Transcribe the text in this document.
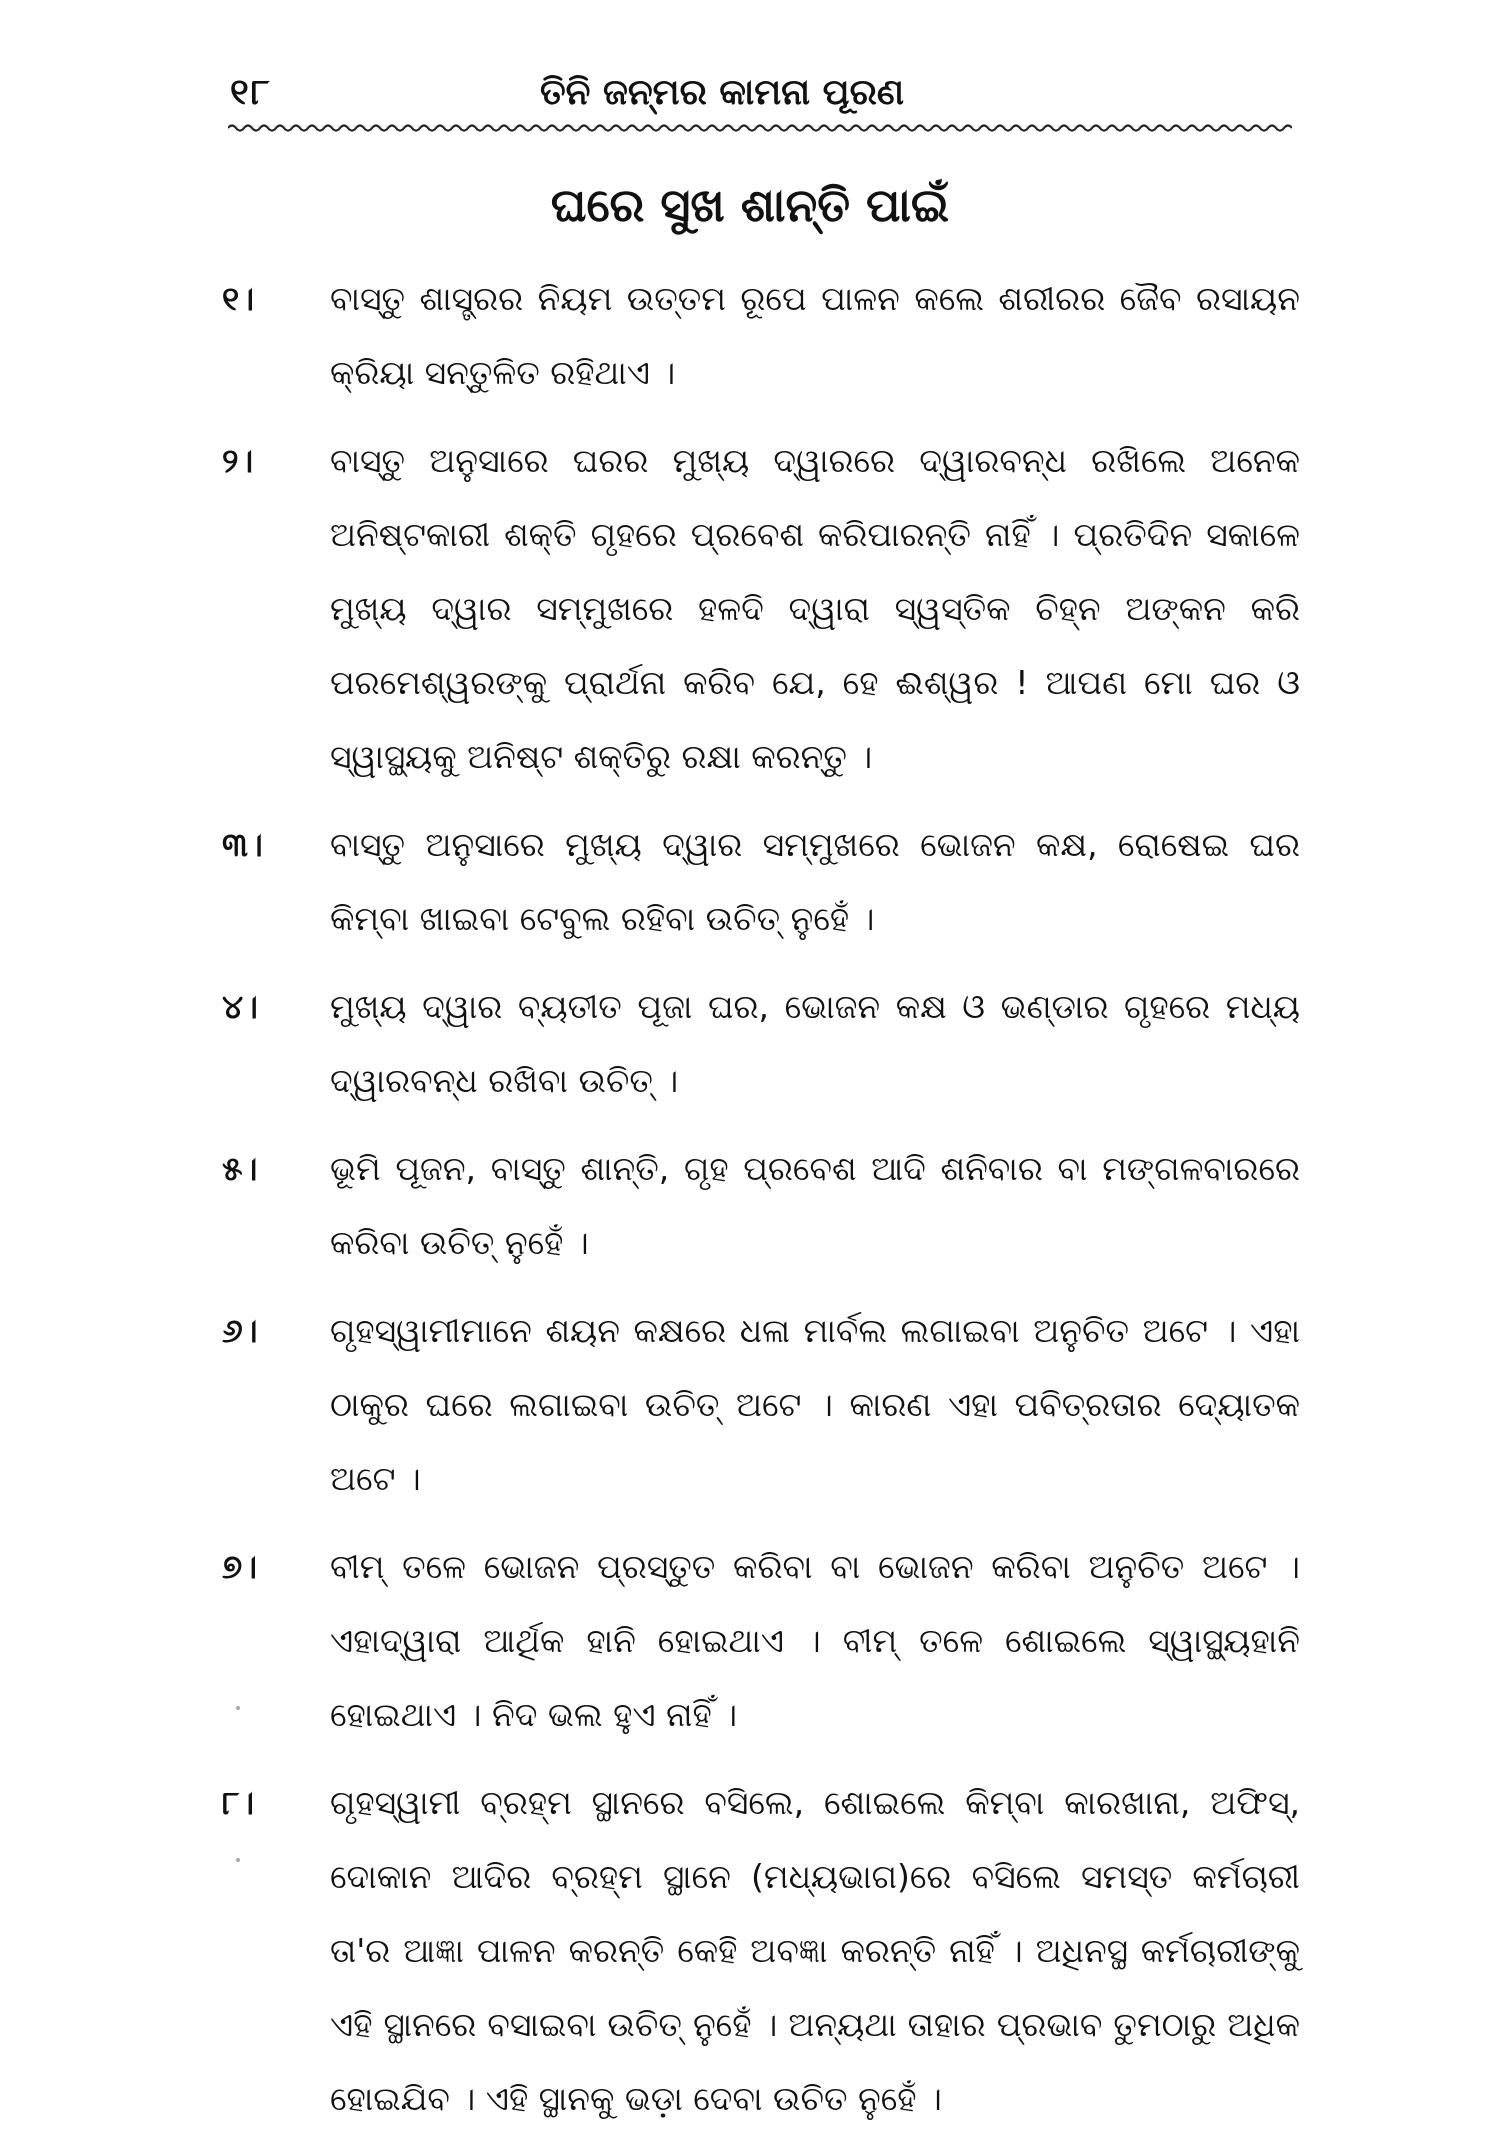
୧୮	ତିନି ଜନ୍ମର କାମନା ପୂରଣ
ଘରେ ସୁଖ ଶାନ୍ତି ପାଇଁ
୧।	ବାସ୍ତୁ ଶାସ୍ତ୍ରର ନିୟମ ଉତ୍ତମ ରୂପେ ପାଳନ କଲେ ଶରୀରର ଜୈବ ରସାୟନ କ୍ରିୟା ସନ୍ତୁଳିତ ରହିଥାଏ ।
୨।	ବାସ୍ତୁ ଅନୁସାରେ ଘରର ମୁଖ୍ୟ ଦ୍ୱାରରେ ଦ୍ୱାରବନ୍ଧ ରଖିଲେ ଅନେକ ଅନିଷ୍ଟକାରୀ ଶକ୍ତି ଗୃହରେ ପ୍ରବେଶ କରିପାରନ୍ତି ନାହିଁ । ପ୍ରତିଦିନ ସକାଳେ ମୁଖ୍ୟ ଦ୍ୱାର ସମ୍ମୁଖରେ ହଳଦି ଦ୍ୱାରା ସ୍ୱସ୍ତିକ ଚିହ୍ନ ଅଙ୍କନ କରି ପରମେଶ୍ୱରଙ୍କୁ ପ୍ରାର୍ଥନା କରିବ ଯେ, ହେ ଈଶ୍ୱର ! ଆପଣ ମୋ ଘର ଓ ସ୍ୱାସ୍ଥ୍ୟକୁ ଅନିଷ୍ଟ ଶକ୍ତିରୁ ରକ୍ଷା କରନ୍ତୁ ।
୩।	ବାସ୍ତୁ ଅନୁସାରେ ମୁଖ୍ୟ ଦ୍ୱାର ସମ୍ମୁଖରେ ଭୋଜନ କକ୍ଷ, ରୋଷେଇ ଘର କିମ୍ବା ଖାଇବା ଟେବୁଲ ରହିବା ଉଚିତ୍ ନୁହେଁ ।
୪।	ମୁଖ୍ୟ ଦ୍ୱାର ବ୍ୟତୀତ ପୂଜା ଘର, ଭୋଜନ କକ୍ଷ ଓ ଭଣ୍ଡାର ଗୃହରେ ମଧ୍ୟ ଦ୍ୱାରବନ୍ଧ ରଖିବା ଉଚିତ୍ ।
୫।	ଭୂମି ପୂଜନ, ବାସ୍ତୁ ଶାନ୍ତି, ଗୃହ ପ୍ରବେଶ ଆଦି ଶନିବାର ବା ମଙ୍ଗଳବାରରେ କରିବା ଉଚିତ୍ ନୁହେଁ ।
୬।	ଗୃହସ୍ୱାମୀମାନେ ଶୟନ କକ୍ଷରେ ଧଳା ମାର୍ବଲ ଲଗାଇବା ଅନୁଚିତ ଅଟେ । ଏହା ଠାକୁର ଘରେ ଲଗାଇବା ଉଚିତ୍ ଅଟେ । କାରଣ ଏହା ପବିତ୍ରତାର ଦ୍ୟୋତକ ଅଟେ ।
୭।	ବୀମ୍ ତଳେ ଭୋଜନ ପ୍ରସ୍ତୁତ କରିବା ବା ଭୋଜନ କରିବା ଅନୁଚିତ ଅଟେ । ଏହାଦ୍ୱାରା ଆର୍ଥିକ ହାନି ହୋଇଥାଏ । ବୀମ୍ ତଳେ ଶୋଇଲେ ସ୍ୱାସ୍ଥ୍ୟହାନି ହୋଇଥାଏ । ନିଦ ଭଲ ହୁଏ ନାହିଁ ।
୮।	ଗୃହସ୍ୱାମୀ ବ୍ରହ୍ମ ସ୍ଥାନରେ ବସିଲେ, ଶୋଇଲେ କିମ୍ବା କାରଖାନା, ଅଫିସ୍, ଦୋକାନ ଆଦିର ବ୍ରହ୍ମ ସ୍ଥାନେ (ମଧ୍ୟଭାଗ)ରେ ବସିଲେ ସମସ୍ତ କର୍ମଚାରୀ ତା'ର ଆଜ୍ଞା ପାଳନ କରନ୍ତି କେହି ଅବଜ୍ଞା କରନ୍ତି ନାହିଁ । ଅଧିନସ୍ଥ କର୍ମଚାରୀଙ୍କୁ ଏହି ସ୍ଥାନରେ ବସାଇବା ଉଚିତ୍ ନୁହେଁ । ଅନ୍ୟଥା ତାହାର ପ୍ରଭାବ ତୁମଠାରୁ ଅଧିକ ହୋଇଯିବ । ଏହି ସ୍ଥାନକୁ ଭଡ଼ା ଦେବା ଉଚିତ ନୁହେଁ ।
